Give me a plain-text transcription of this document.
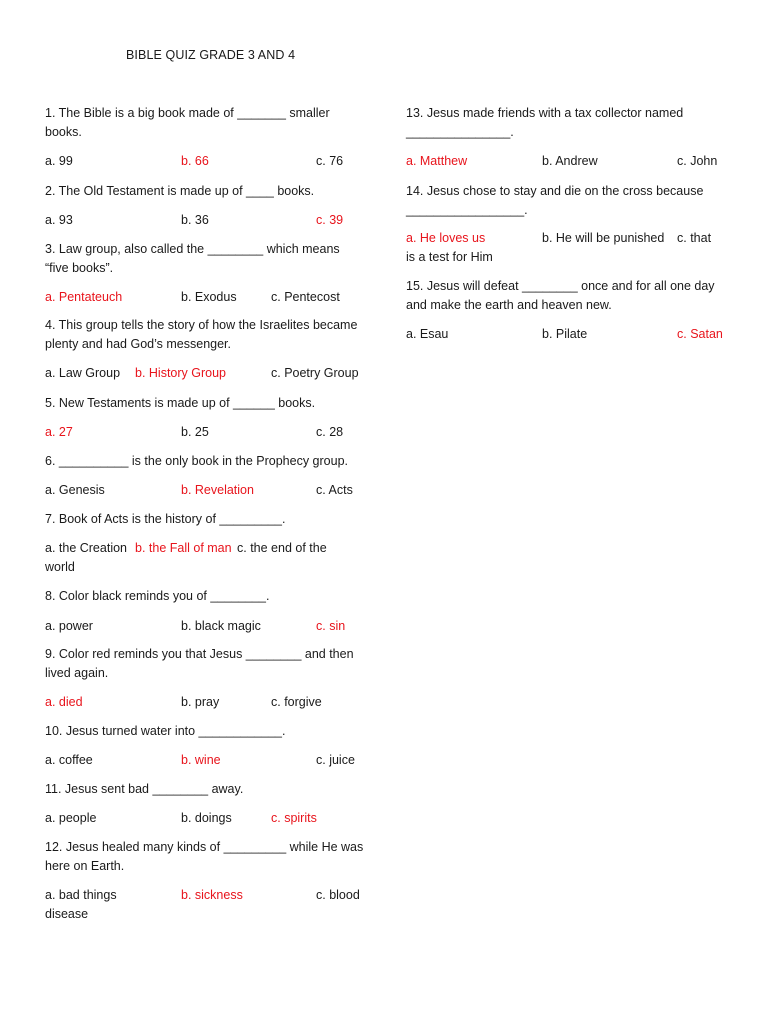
BIBLE QUIZ GRADE 3 AND 4
1. The Bible is a big book made of _______ smaller books.
a. 99	b. 66	c. 76
2. The Old Testament is made up of ____ books.
a. 93	b. 36	c. 39
3. Law group, also called the ________ which means “five books”.
a. Pentateuch	b. Exodus	c. Pentecost
4. This group tells the story of how the Israelites became plenty and had God’s messenger.
a. Law Group b. History Group	c. Poetry Group
5. New Testaments is made up of ______ books.
a. 27	b. 25	c. 28
6. __________ is the only book in the Prophecy group.
a. Genesis	b. Revelation	c. Acts
7. Book of Acts is the history of _________.
a. the Creation b. the Fall of man c. the end of the world
8. Color black reminds you of ________.
a. power	b. black magic	c. sin
9. Color red reminds you that Jesus ________ and then lived again.
a. died	b. pray	c. forgive
10. Jesus turned water into ____________.
a. coffee	b. wine	c. juice
11. Jesus sent bad ________ away.
a. people	b. doings	c. spirits
12. Jesus healed many kinds of _________ while He was here on Earth.
a. bad things	b. sickness	c. blood
disease
13. Jesus made friends with a tax collector named _______________.
a. Matthew	b. Andrew	c. John
14. Jesus chose to stay and die on the cross because _________________.
a. He loves us	b. He will be punished c. that
is a test for Him
15. Jesus will defeat ________ once and for all one day and make the earth and heaven new.
a. Esau	b. Pilate	c. Satan
